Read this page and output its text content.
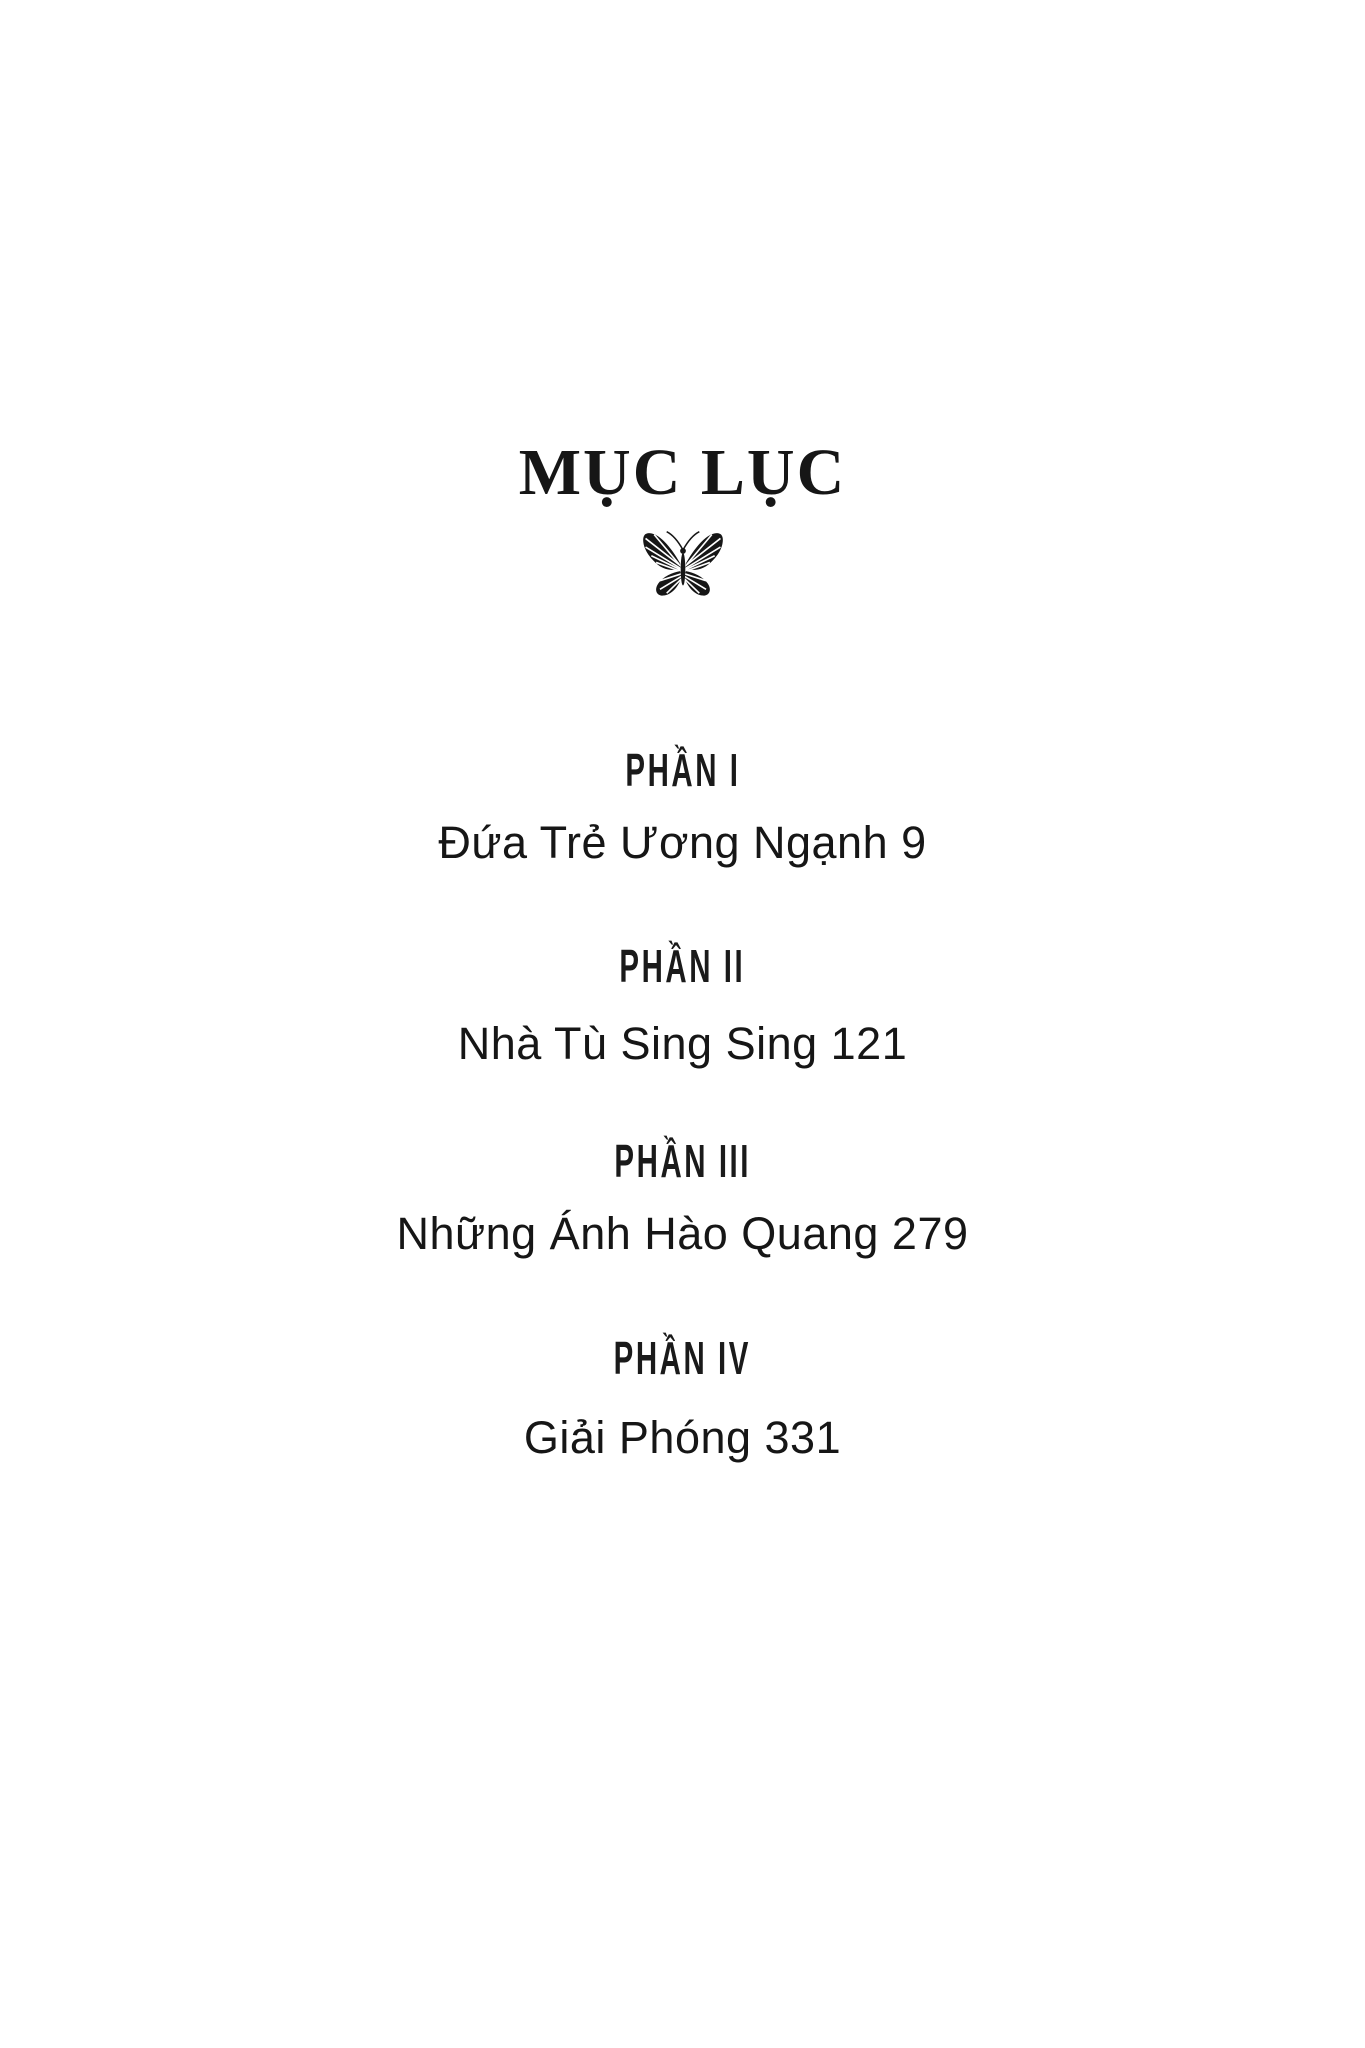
MỤC LỤC
PHẦN I
Đứa Trẻ Ương Ngạnh 9
PHẦN II
Nhà Tù Sing Sing 121
PHẦN III
Những Ánh Hào Quang 279
PHẦN IV
Giải Phóng 331
